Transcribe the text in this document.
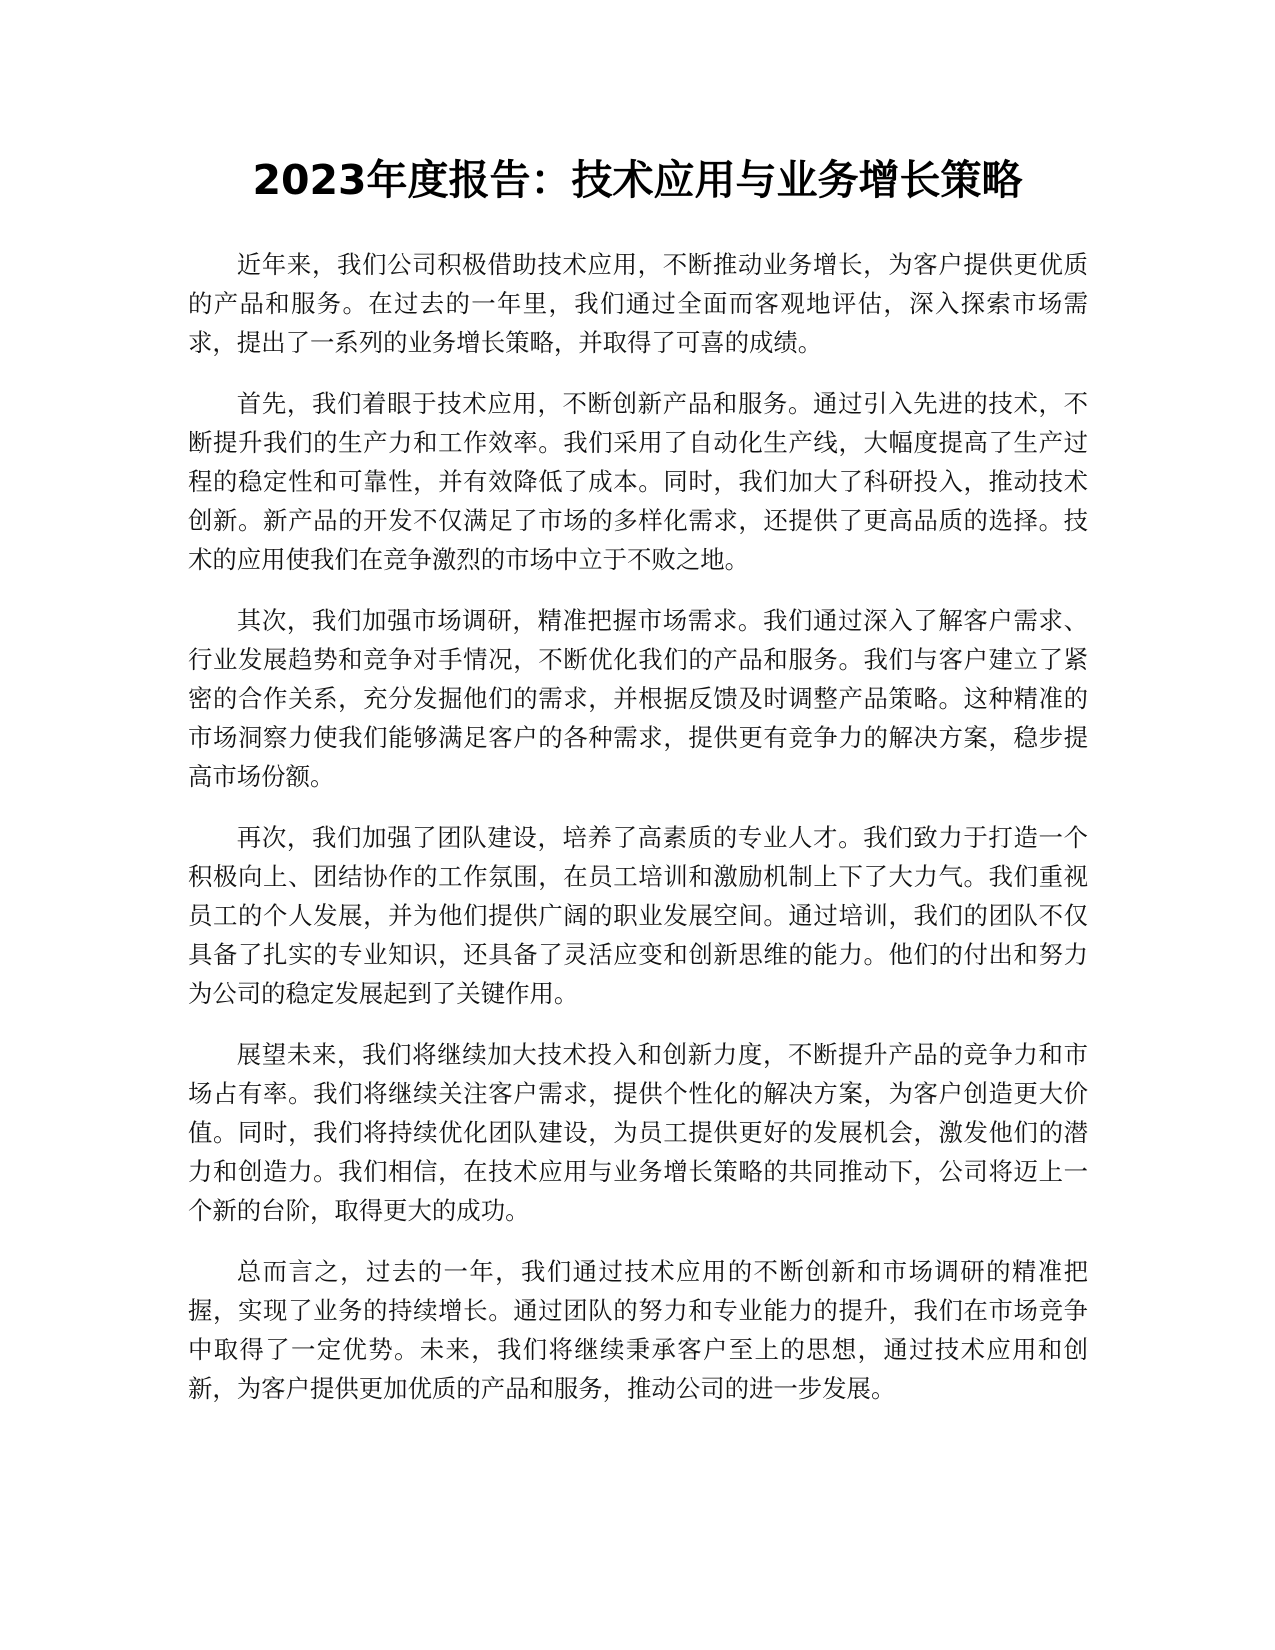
2023年度报告：技术应用与业务增长策略

近年来，我们公司积极借助技术应用，不断推动业务增长，为客户提供更优质的产品和服务。在过去的一年里，我们通过全面而客观地评估，深入探索市场需求，提出了一系列的业务增长策略，并取得了可喜的成绩。

首先，我们着眼于技术应用，不断创新产品和服务。通过引入先进的技术，不断提升我们的生产力和工作效率。我们采用了自动化生产线，大幅度提高了生产过程的稳定性和可靠性，并有效降低了成本。同时，我们加大了科研投入，推动技术创新。新产品的开发不仅满足了市场的多样化需求，还提供了更高品质的选择。技术的应用使我们在竞争激烈的市场中立于不败之地。

其次，我们加强市场调研，精准把握市场需求。我们通过深入了解客户需求、行业发展趋势和竞争对手情况，不断优化我们的产品和服务。我们与客户建立了紧密的合作关系，充分发掘他们的需求，并根据反馈及时调整产品策略。这种精准的市场洞察力使我们能够满足客户的各种需求，提供更有竞争力的解决方案，稳步提高市场份额。

再次，我们加强了团队建设，培养了高素质的专业人才。我们致力于打造一个积极向上、团结协作的工作氛围，在员工培训和激励机制上下了大力气。我们重视员工的个人发展，并为他们提供广阔的职业发展空间。通过培训，我们的团队不仅具备了扎实的专业知识，还具备了灵活应变和创新思维的能力。他们的付出和努力为公司的稳定发展起到了关键作用。

展望未来，我们将继续加大技术投入和创新力度，不断提升产品的竞争力和市场占有率。我们将继续关注客户需求，提供个性化的解决方案，为客户创造更大价值。同时，我们将持续优化团队建设，为员工提供更好的发展机会，激发他们的潜力和创造力。我们相信，在技术应用与业务增长策略的共同推动下，公司将迈上一个新的台阶，取得更大的成功。

总而言之，过去的一年，我们通过技术应用的不断创新和市场调研的精准把握，实现了业务的持续增长。通过团队的努力和专业能力的提升，我们在市场竞争中取得了一定优势。未来，我们将继续秉承客户至上的思想，通过技术应用和创新，为客户提供更加优质的产品和服务，推动公司的进一步发展。
